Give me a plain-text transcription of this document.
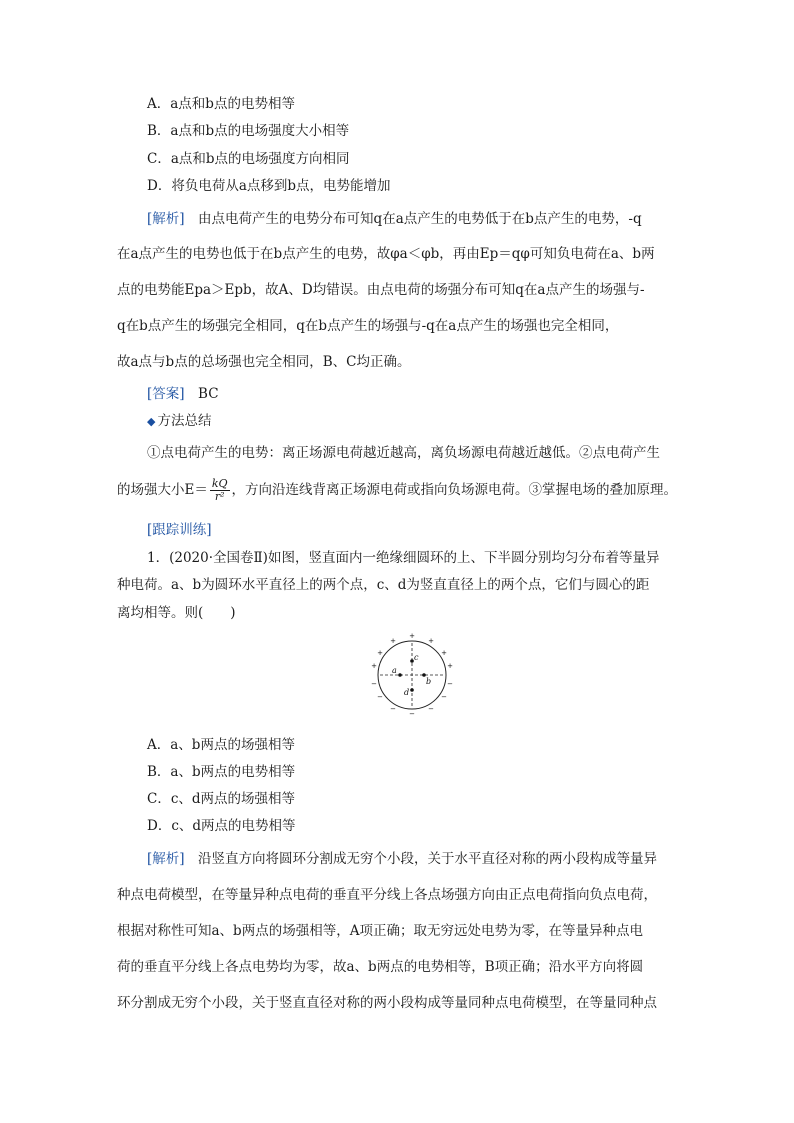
A．a点和b点的电势相等
B．a点和b点的电场强度大小相等
C．a点和b点的电场强度方向相同
D．将负电荷从a点移到b点，电势能增加
[解析]　 由点电荷产生的电势分布可知q在a点产生的电势低于在b点产生的电势，-q
在a点产生的电势也低于在b点产生的电势，故φa＜φb，再由Ep＝qφ可知负电荷在a、b两
点的电势能Epa＞Epb，故A、D均错误。由点电荷的场强分布可知q在a点产生的场强与-
q在b点产生的场强完全相同，q在b点产生的场强与-q在a点产生的场强也完全相同，
故a点与b点的总场强也完全相同，B、C均正确。
[答案]　 BC
◆ 方法总结
①点电荷产生的电势：离正场源电荷越近越高，离负场源电荷越近越低。②点电荷产生
的场强大小$E= \frac{kQ}{\text{r²}}$ ，方向沿连线背离正场源电荷或指向负场源电荷。③掌握电场的叠加原理。
[跟踪训练]
1．(2020·全国卷Ⅱ)如图，竖直面内一绝缘细圆环的上、下半圆分别均匀分布着等量异
种电荷。a、b为圆环水平直径上的两个点，c、d为竖直直径上的两个点，它们与圆心的距
离均相等。则(　　)
a
b
c
d
+
+	+
+	+
+	+
−	−
−	−
−	−
−
A．a、b两点的场强相等
B．a、b两点的电势相等
C．c、d两点的场强相等
D．c、d两点的电势相等
[解析]　 沿竖直方向将圆环分割成无穷个小段，关于水平直径对称的两小段构成等量异
种点电荷模型，在等量异种点电荷的垂直平分线上各点场强方向由正点电荷指向负点电荷，
根据对称性可知a、b两点的场强相等，A项正确；取无穷远处电势为零，在等量异种点电
荷的垂直平分线上各点电势均为零，故a、b两点的电势相等，B项正确；沿水平方向将圆
环分割成无穷个小段，关于竖直直径对称的两小段构成等量同种点电荷模型，在等量同种点
